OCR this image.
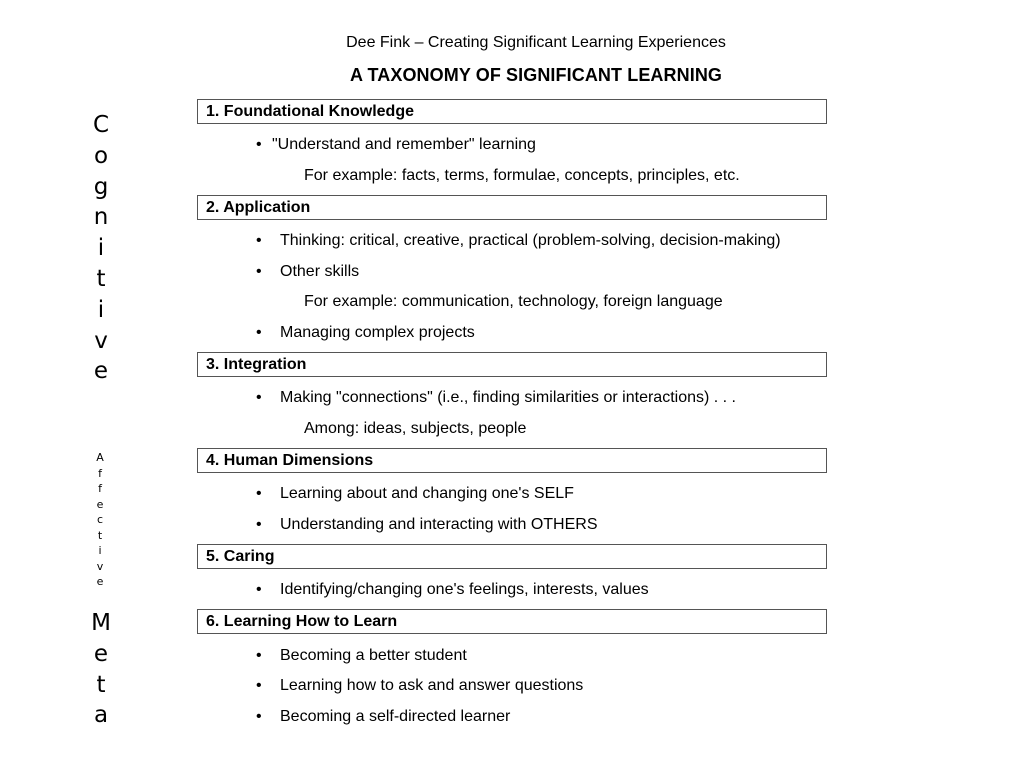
Dee Fink – Creating Significant Learning Experiences
A TAXONOMY OF SIGNIFICANT LEARNING
C
o
g
n
i
t
i
v
e
A
f
f
e
c
t
i
v
e
M
e
t
a
1. Foundational Knowledge
• "Understand and remember" learning
For example: facts, terms, formulae, concepts, principles, etc.
2. Application
• Thinking: critical, creative, practical (problem-solving, decision-making)
• Other skills
For example: communication, technology, foreign language
• Managing complex projects
3. Integration
• Making "connections" (i.e., finding similarities or interactions) . . .
Among: ideas, subjects, people
4. Human Dimensions
• Learning about and changing one's SELF
• Understanding and interacting with OTHERS
5. Caring
• Identifying/changing one's feelings, interests, values
6. Learning How to Learn
• Becoming a better student
• Learning how to ask and answer questions
• Becoming a self-directed learner
